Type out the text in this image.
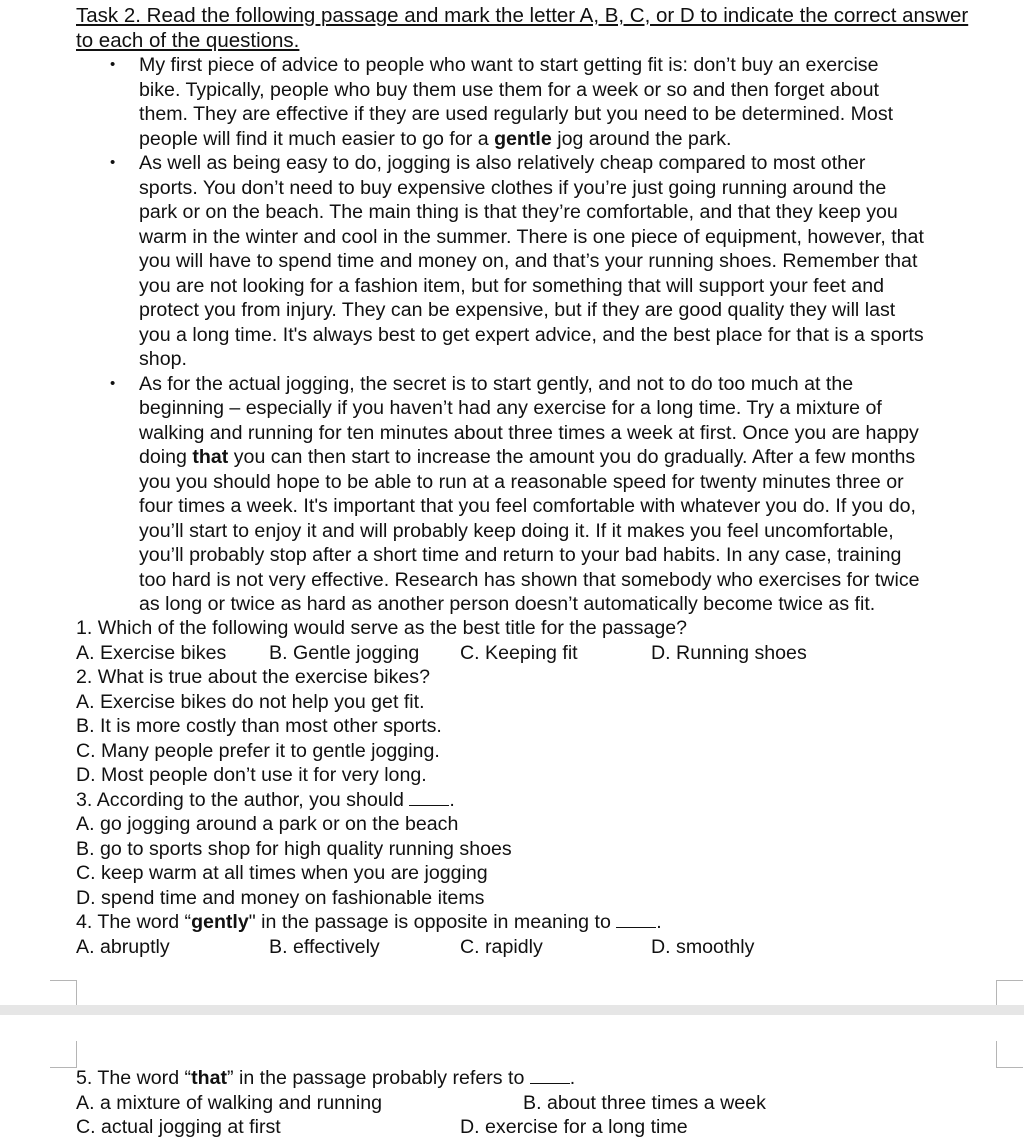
Task 2. Read the following passage and mark the letter A, B, C, or D to indicate the correct answer to each of the questions.
• My first piece of advice to people who want to start getting fit is: don’t buy an exercise
bike. Typically, people who buy them use them for a week or so and then forget about
them. They are effective if they are used regularly but you need to be determined. Most
people will find it much easier to go for a gentle jog around the park.
• As well as being easy to do, jogging is also relatively cheap compared to most other
sports. You don’t need to buy expensive clothes if you’re just going running around the
park or on the beach. The main thing is that they’re comfortable, and that they keep you
warm in the winter and cool in the summer. There is one piece of equipment, however, that
you will have to spend time and money on, and that’s your running shoes. Remember that
you are not looking for a fashion item, but for something that will support your feet and
protect you from injury. They can be expensive, but if they are good quality they will last
you a long time. It's always best to get expert advice, and the best place for that is a sports
shop.
• As for the actual jogging, the secret is to start gently, and not to do too much at the
beginning – especially if you haven’t had any exercise for a long time. Try a mixture of
walking and running for ten minutes about three times a week at first. Once you are happy
doing that you can then start to increase the amount you do gradually. After a few months
you you should hope to be able to run at a reasonable speed for twenty minutes three or
four times a week. It's important that you feel comfortable with whatever you do. If you do,
you’ll start to enjoy it and will probably keep doing it. If it makes you feel uncomfortable,
you’ll probably stop after a short time and return to your bad habits. In any case, training
too hard is not very effective. Research has shown that somebody who exercises for twice
as long or twice as hard as another person doesn’t automatically become twice as fit.
1. Which of the following would serve as the best title for the passage?
A. Exercise bikes B. Gentle jogging C. Keeping fit	D. Running shoes
2. What is true about the exercise bikes?
A. Exercise bikes do not help you get fit.
B. It is more costly than most other sports.
C. Many people prefer it to gentle jogging.
D. Most people don’t use it for very long.
3. According to the author, you should .
A. go jogging around a park or on the beach
B. go to sports shop for high quality running shoes
C. keep warm at all times when you are jogging
D. spend time and money on fashionable items
4. The word “gently" in the passage is opposite in meaning to .
A. abruptly	B. effectively	C. rapidly	D. smoothly
5. The word “that” in the passage probably refers to .
A. a mixture of walking and running	B. about three times a week
C. actual jogging at first	D. exercise for a long time
